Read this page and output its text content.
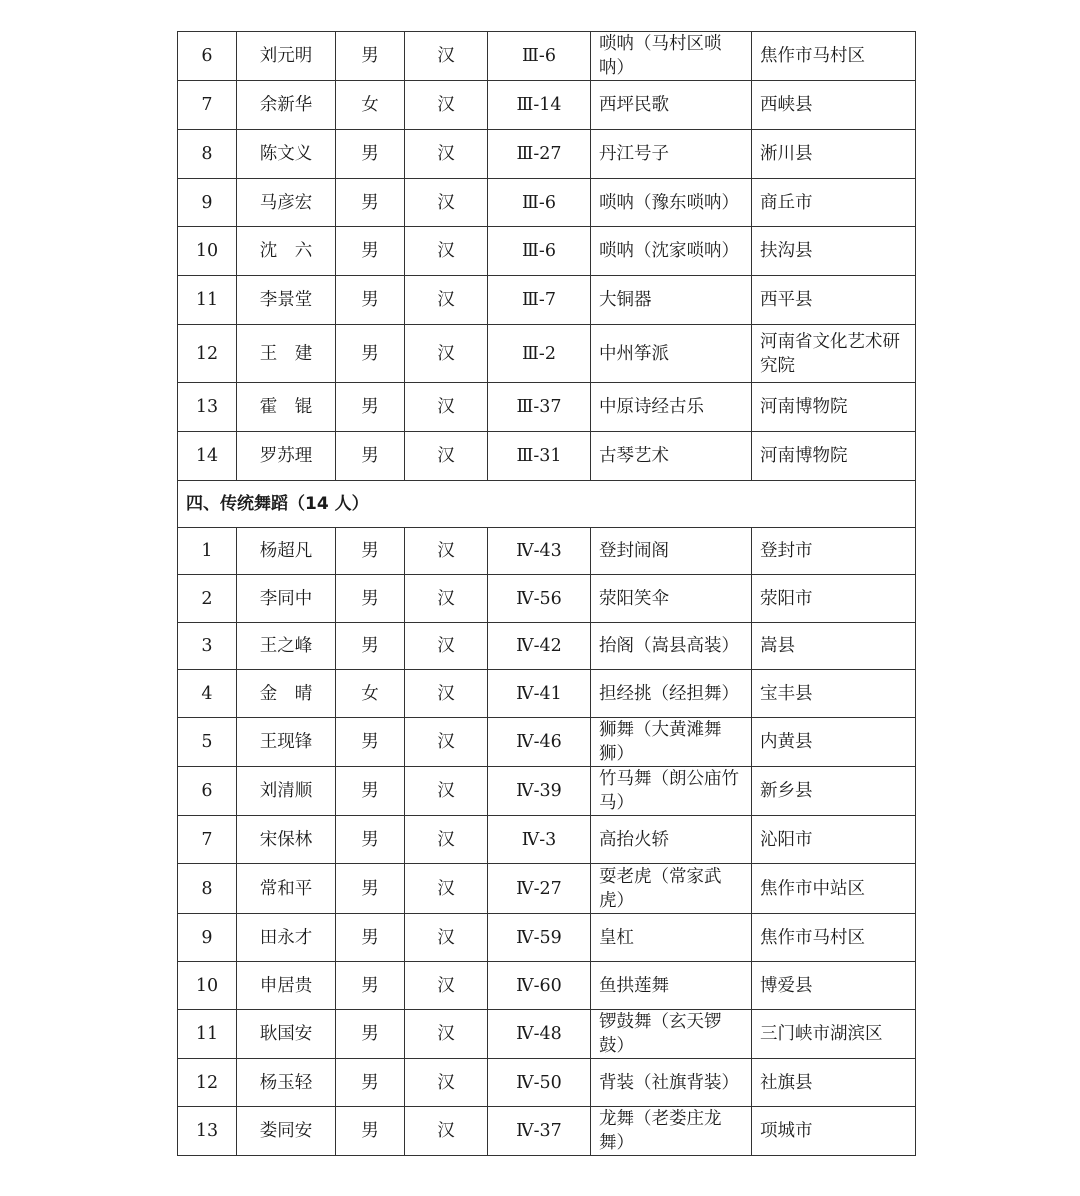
6	刘元明	男	汉	Ⅲ-6	唢呐（马村区唢呐）	焦作市马村区
7	余新华	女	汉	Ⅲ-14	西坪民歌	西峡县
8	陈文义	男	汉	Ⅲ-27	丹江号子	淅川县
9	马彦宏	男	汉	Ⅲ-6	唢呐（豫东唢呐）	商丘市
10	沈　六	男	汉	Ⅲ-6	唢呐（沈家唢呐）	扶沟县
11	李景堂	男	汉	Ⅲ-7	大铜器	西平县
12	王　建	男	汉	Ⅲ-2	中州筝派	河南省文化艺术研究院
13	霍　锟	男	汉	Ⅲ-37	中原诗经古乐	河南博物院
14	罗苏理	男	汉	Ⅲ-31	古琴艺术	河南博物院
四、传统舞蹈（14 人）						
1	杨超凡	男	汉	Ⅳ-43	登封闹阁	登封市
2	李同中	男	汉	Ⅳ-56	荥阳笑伞	荥阳市
3	王之峰	男	汉	Ⅳ-42	抬阁（嵩县高装）	嵩县
4	金　晴	女	汉	Ⅳ-41	担经挑（经担舞）	宝丰县
5	王现锋	男	汉	Ⅳ-46	狮舞（大黄滩舞狮）	内黄县
6	刘清顺	男	汉	Ⅳ-39	竹马舞（朗公庙竹马）	新乡县
7	宋保林	男	汉	Ⅳ-3	高抬火轿	沁阳市
8	常和平	男	汉	Ⅳ-27	耍老虎（常家武虎）	焦作市中站区
9	田永才	男	汉	Ⅳ-59	皇杠	焦作市马村区
10	申居贵	男	汉	Ⅳ-60	鱼拱莲舞	博爱县
11	耿国安	男	汉	Ⅳ-48	锣鼓舞（玄天锣鼓）	三门峡市湖滨区
12	杨玉轻	男	汉	Ⅳ-50	背装（社旗背装）	社旗县
13	娄同安	男	汉	Ⅳ-37	龙舞（老娄庄龙舞）	项城市
